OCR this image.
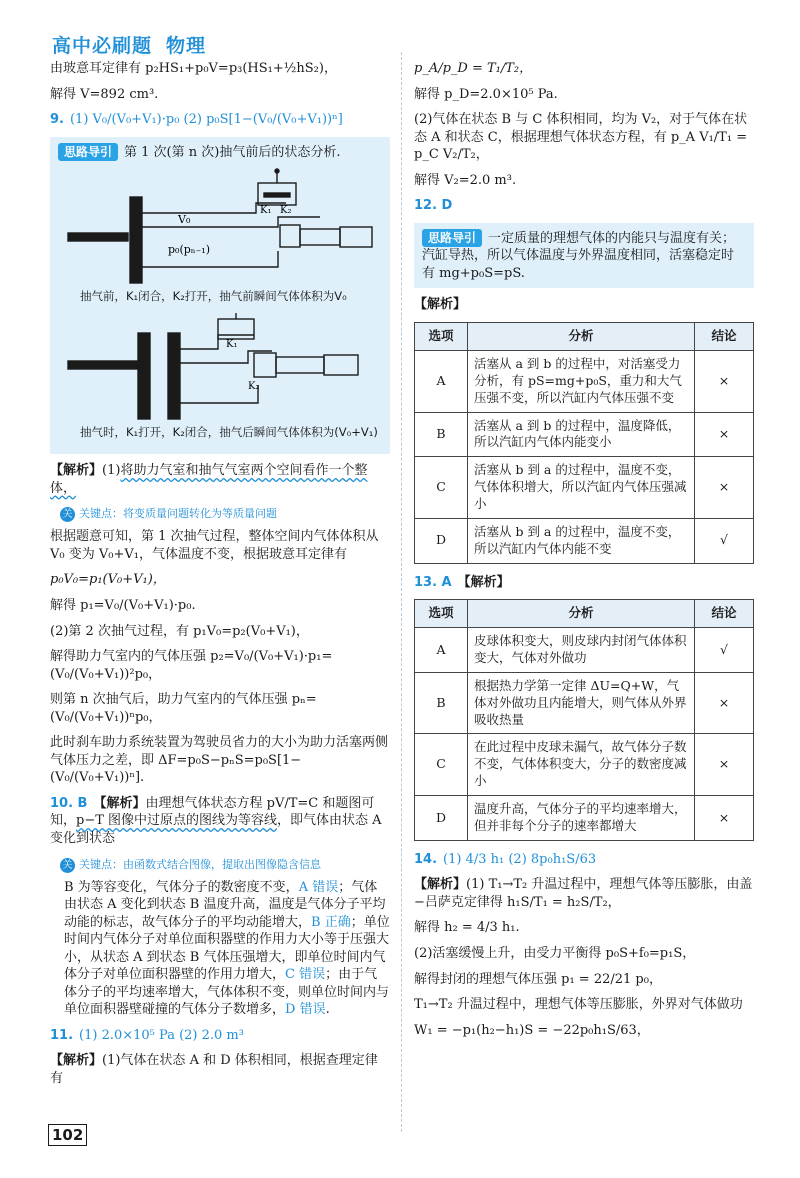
高中必刷题 物理

由玻意耳定律有 p₂HS₁+p₀V=p₃(HS₁+½hS₂)，

解得 V=892 cm³.

9. (1) V₀/(V₀+V₁)·p₀ (2) p₀S[1−(V₀/(V₀+V₁))ⁿ]

思路导引 第 1 次(第 n 次)抽气前后的状态分析.
V₀
K₁ K₂
p₀(pₙ₋₁)
抽气前，K₁闭合，K₂打开，抽气前瞬间气体体积为V₀
K₁
K₂
抽气时，K₁打开，K₂闭合，抽气后瞬间气体体积为(V₀+V₁)

【解析】(1)将助力气室和抽气气室两个空间看作一个整体，

关 关键点：将变质量问题转化为等质量问题

根据题意可知，第 1 次抽气过程，整体空间内气体体积从 V₀ 变为 V₀+V₁，气体温度不变，根据玻意耳定律有

p₀V₀=p₁(V₀+V₁)，

解得 p₁=V₀/(V₀+V₁)·p₀.

(2)第 2 次抽气过程，有 p₁V₀=p₂(V₀+V₁)，

解得助力气室内的气体压强 p₂=V₀/(V₀+V₁)·p₁=(V₀/(V₀+V₁))²p₀，

则第 n 次抽气后，助力气室内的气体压强 pₙ=(V₀/(V₀+V₁))ⁿp₀，

此时刹车助力系统装置为驾驶员省力的大小为助力活塞两侧气体压力之差，即 ΔF=p₀S−pₙS=p₀S[1−(V₀/(V₀+V₁))ⁿ].

10. B 【解析】由理想气体状态方程 pV/T=C 和题图可知，p−T 图像中过原点的图线为等容线，即气体由状态 A 变化到状态

关 关键点：由函数式结合图像，提取出图像隐含信息

B 为等容变化，气体分子的数密度不变，A 错误；气体由状态 A 变化到状态 B 温度升高，温度是气体分子平均动能的标志，故气体分子的平均动能增大，B 正确；单位时间内气体分子对单位面积器壁的作用力大小等于压强大小，从状态 A 到状态 B 气体压强增大，即单位时间内气体分子对单位面积器壁的作用力增大，C 错误；由于气体分子的平均速率增大，气体体积不变，则单位时间内与单位面积器壁碰撞的气体分子数增多，D 错误.

11. (1) 2.0×10⁵ Pa (2) 2.0 m³

【解析】(1)气体在状态 A 和 D 体积相同，根据查理定律有

p_A/p_D = T₁/T₂，

解得 p_D=2.0×10⁵ Pa.

(2)气体在状态 B 与 C 体积相同，均为 V₂，对于气体在状态 A 和状态 C，根据理想气体状态方程，有 p_A V₁/T₁ = p_C V₂/T₂，

解得 V₂=2.0 m³.

12. D

思路导引 一定质量的理想气体的内能只与温度有关；汽缸导热，所以气体温度与外界温度相同，活塞稳定时有 mg+p₀S=pS.

【解析】

选项	分析	结论
A	活塞从 a 到 b 的过程中，对活塞受力分析，有 pS=mg+p₀S，重力和大气压强不变，所以汽缸内气体压强不变	×
B	活塞从 a 到 b 的过程中，温度降低，所以汽缸内气体内能变小	×
C	活塞从 b 到 a 的过程中，温度不变，气体体积增大，所以汽缸内气体压强减小	×
D	活塞从 b 到 a 的过程中，温度不变，所以汽缸内气体内能不变	√

13. A 【解析】

选项	分析	结论
A	皮球体积变大，则皮球内封闭气体体积变大，气体对外做功	√
B	根据热力学第一定律 ΔU=Q+W，气体对外做功且内能增大，则气体从外界吸收热量	×
C	在此过程中皮球未漏气，故气体分子数不变，气体体积变大，分子的数密度减小	×
D	温度升高，气体分子的平均速率增大，但并非每个分子的速率都增大	×

14. (1) 4/3 h₁ (2) 8p₀h₁S/63

【解析】(1) T₁→T₂ 升温过程中，理想气体等压膨胀，由盖−吕萨克定律得 h₁S/T₁ = h₂S/T₂，

解得 h₂ = 4/3 h₁.

(2)活塞缓慢上升，由受力平衡得 p₀S+f₀=p₁S，

解得封闭的理想气体压强 p₁ = 22/21 p₀，

T₁→T₂ 升温过程中，理想气体等压膨胀，外界对气体做功

W₁ = −p₁(h₂−h₁)S = −22p₀h₁S/63，

102
